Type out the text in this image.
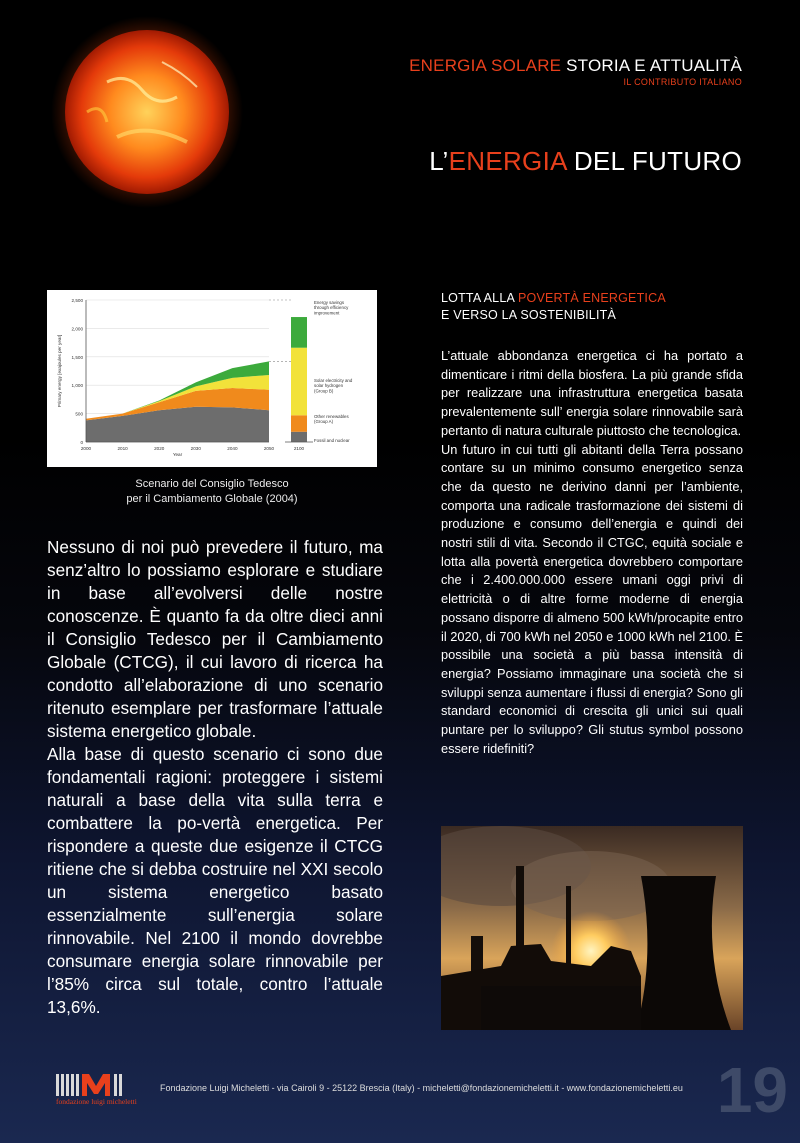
ENERGIA SOLARE STORIA E ATTUALITÀ
IL CONTRIBUTO ITALIANO
L’ENERGIA DEL FUTURO
0
500
1,000
1,500
2,000
2,500
2000	2010	2020	2030	2040	2050	2100
Year
Primary energy [exajoules per year]
Energy savings through efficiency improvement
Solar electricity and solar hydrogen (Group B)
Other renewables (Group A)
Fossil and nuclear
Scenario del Consiglio Tedesco
per il Cambiamento Globale (2004)

Nessuno di noi può prevedere il futuro, ma senz’altro lo possiamo esplorare e studiare in base all’evolversi delle nostre conoscenze. È quanto fa da oltre dieci anni il Consiglio Tedesco per il Cambiamento Globale (CTCG), il cui lavoro di ricerca ha condotto all’elaborazione di uno scenario ritenuto esemplare per trasformare l’attuale sistema energetico globale.

Alla base di questo scenario ci sono due fondamentali ragioni: proteggere i sistemi naturali a base della vita sulla terra e combattere la po-vertà energetica. Per rispondere a queste due esigenze il CTCG ritiene che si debba costruire nel XXI secolo un sistema energetico basato essenzialmente sull’energia solare rinnovabile. Nel 2100 il mondo dovrebbe consumare energia solare rinnovabile per l’85% circa sul totale, contro l’attuale 13,6%.

LOTTA ALLA POVERTÀ ENERGETICA
E VERSO LA SOSTENIBILITÀ

L’attuale abbondanza energetica ci ha portato a dimenticare i ritmi della biosfera. La più grande sfida per realizzare una infrastruttura energetica basata prevalentemente sull’ energia solare rinnovabile sarà pertanto di natura culturale piuttosto che tecnologica.

Un futuro in cui tutti gli abitanti della Terra possano contare su un minimo consumo energetico senza che da questo ne derivino danni per l’ambiente, comporta una radicale trasformazione dei sistemi di produzione e consumo dell’energia e quindi dei nostri stili di vita. Secondo il CTGC, equità sociale e lotta alla povertà energetica dovrebbero comportare che i 2.400.000.000 essere umani oggi privi di elettricità o di altre forme moderne di energia possano disporre di almeno 500 kWh/procapite entro il 2020, di 700 kWh nel 2050 e 1000 kWh nel 2100. È possibile una società a più bassa intensità di energia? Possiamo immaginare una società che si sviluppi senza aumentare i flussi di energia? Sono gli standard economici di crescita gli unici sui quali puntare per lo sviluppo? Gli stutus symbol possono essere ridefiniti?

fondazione luigi micheletti
Fondazione Luigi Micheletti - via Cairoli 9 - 25122 Brescia (Italy) - micheletti@fondazionemicheletti.it - www.fondazionemicheletti.eu 19
